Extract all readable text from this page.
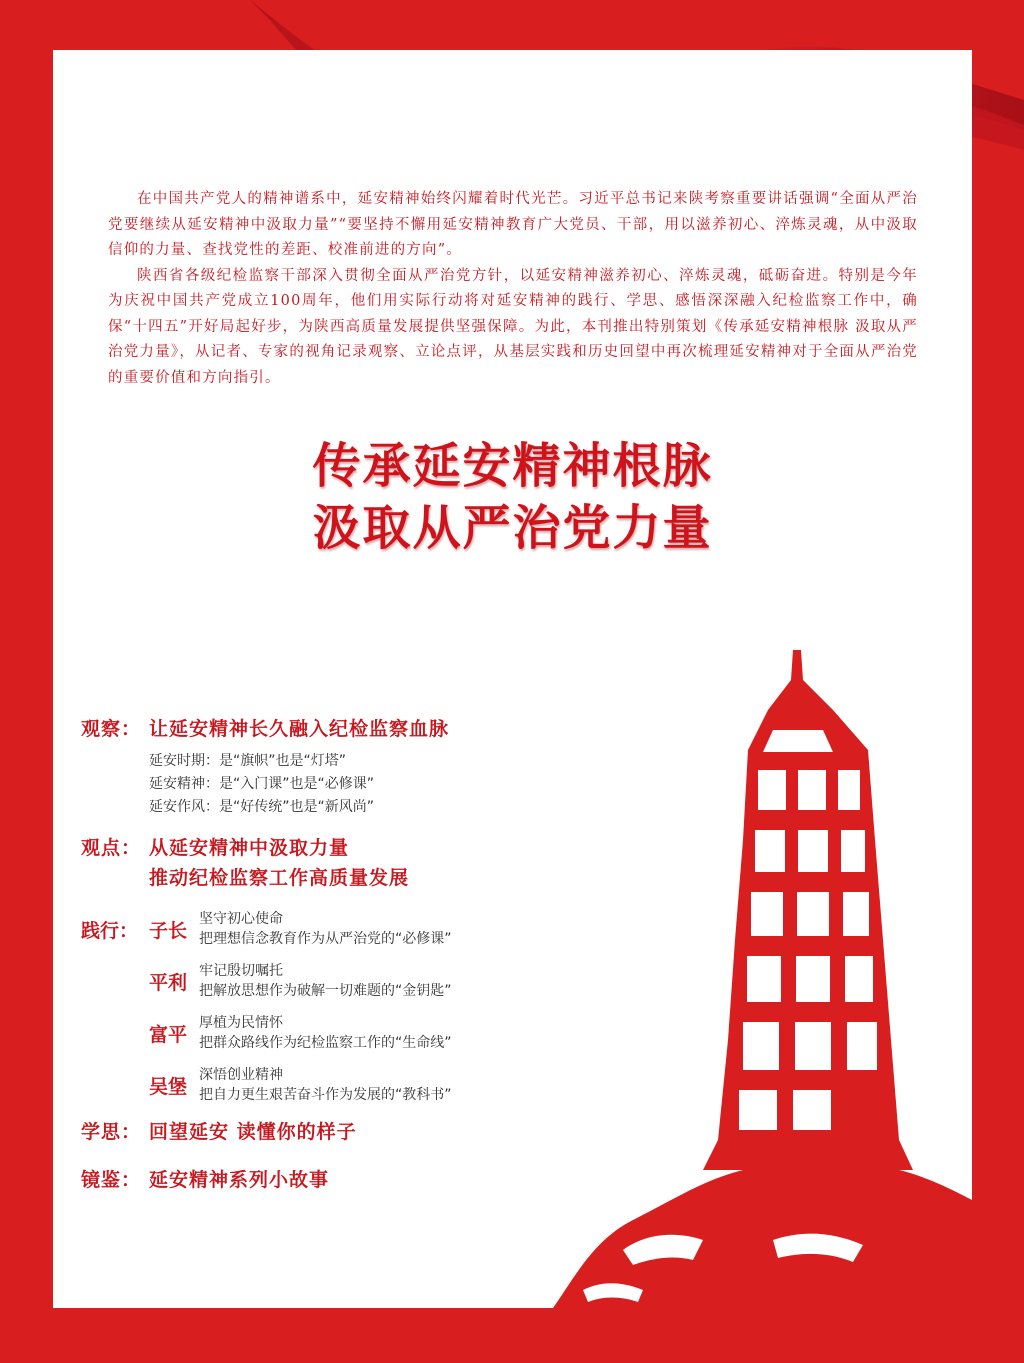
在中国共产党人的精神谱系中，延安精神始终闪耀着时代光芒。习近平总书记来陕考察重要讲话强调“全面从严治党要继续从延安精神中汲取力量”“要坚持不懈用延安精神教育广大党员、干部，用以滋养初心、淬炼灵魂，从中汲取信仰的力量、查找党性的差距、校准前进的方向”。

陕西省各级纪检监察干部深入贯彻全面从严治党方针，以延安精神滋养初心、淬炼灵魂，砥砺奋进。特别是今年为庆祝中国共产党成立100周年，他们用实际行动将对延安精神的践行、学思、感悟深深融入纪检监察工作中，确保“十四五”开好局起好步，为陕西高质量发展提供坚强保障。为此，本刊推出特别策划《传承延安精神根脉 汲取从严治党力量》，从记者、专家的视角记录观察、立论点评，从基层实践和历史回望中再次梳理延安精神对于全面从严治党的重要价值和方向指引。

传承延安精神根脉
汲取从严治党力量
观察： 让延安精神长久融入纪检监察血脉
延安时期：是“旗帜”也是“灯塔”
延安精神：是“入门课”也是“必修课”
延安作风：是“好传统”也是“新风尚”
观点： 从延安精神中汲取力量
推动纪检监察工作高质量发展
践行： 子长
坚守初心使命
把理想信念教育作为从严治党的“必修课”
平利
牢记殷切嘱托
把解放思想作为破解一切难题的“金钥匙”
富平
厚植为民情怀
把群众路线作为纪检监察工作的“生命线”
吴堡
深悟创业精神
把自力更生艰苦奋斗作为发展的“教科书”
学思： 回望延安 读懂你的样子
镜鉴： 延安精神系列小故事
